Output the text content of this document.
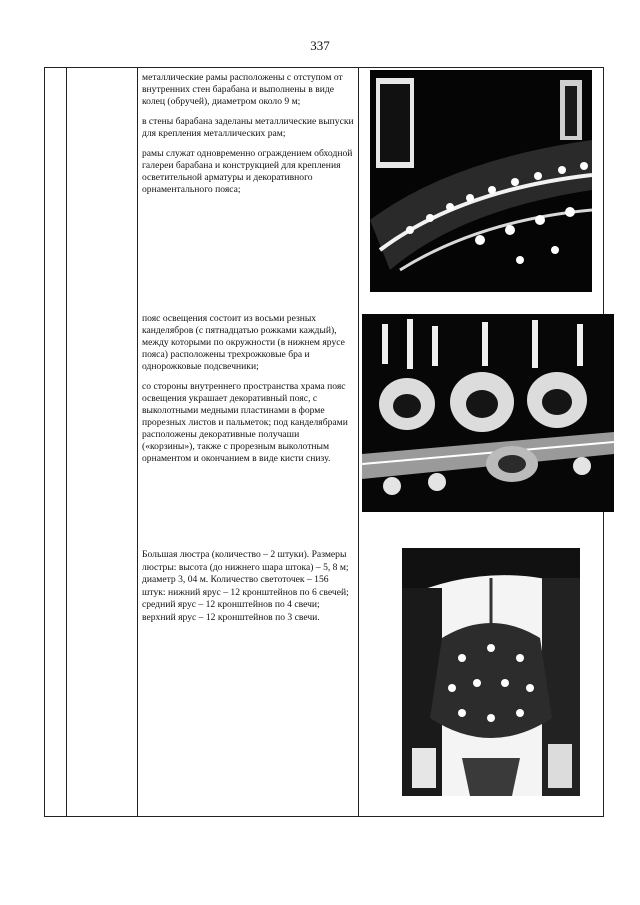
337

металлические рамы расположены с отступом от внутренних стен барабана и выполнены в виде колец (обручей), диаметром около 9 м;

в стены барабана заделаны металлические выпуски для крепления металлических рам;

рамы служат одновременно ограждением обходной галереи барабана и конструкцией для крепления осветительной арматуры и декоративного орнаментального пояса;

пояс освещения состоит из восьми резных канделябров (с пятнадцатью рожками каждый), между которыми по окружности (в нижнем ярусе пояса) расположены трехрожковые бра и однорожковые подсвечники;

со стороны внутреннего пространства храма пояс освещения украшает декоративный пояс, с выколотными медными пластинами в форме прорезных листов и пальметок; под канделябрами расположены декоративные получаши («корзины»), также с прорезным выколотным орнаментом и окончанием в виде кисти снизу.

Большая люстра (количество – 2 штуки). Размеры люстры: высота (до нижнего шара штока) – 5, 8 м; диаметр 3, 04 м. Количество светоточек – 156 штук: нижний ярус – 12 кронштейнов по 6 свечей; средний ярус – 12 кронштейнов по 4 свечи; верхний ярус – 12 кронштейнов по 3 свечи.
